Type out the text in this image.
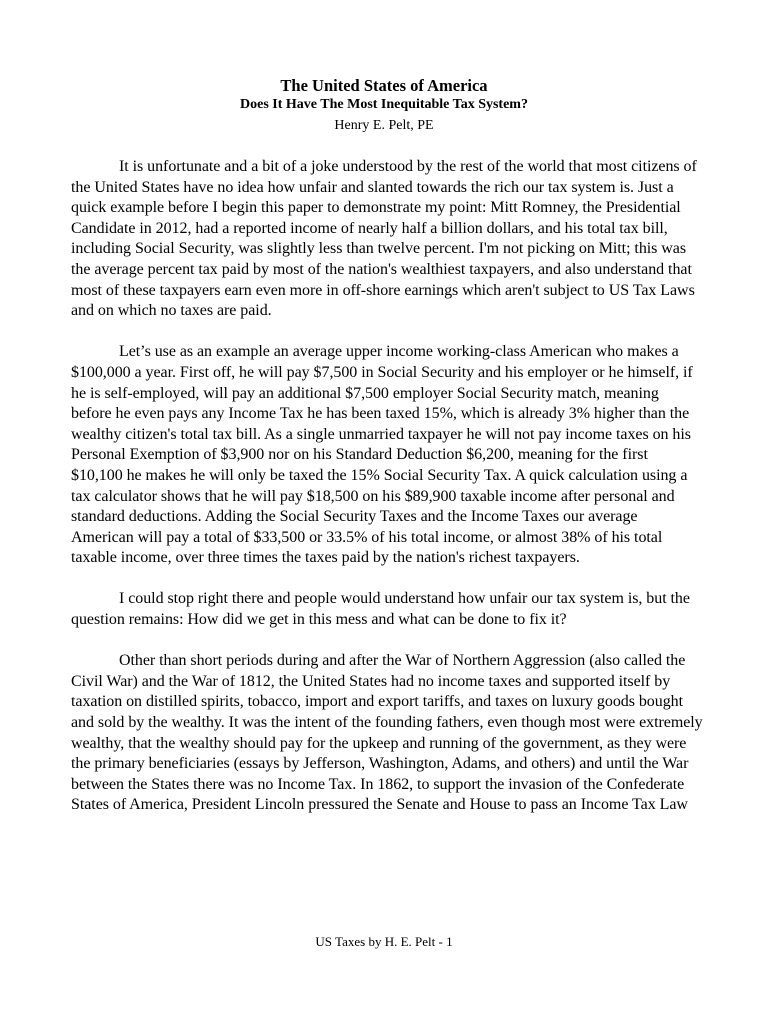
The United States of America
Does It Have The Most Inequitable Tax System?

Henry E. Pelt, PE

It is unfortunate and a bit of a joke understood by the rest of the world that most citizens of the United States have no idea how unfair and slanted towards the rich our tax system is. Just a quick example before I begin this paper to demonstrate my point: Mitt Romney, the Presidential Candidate in 2012, had a reported income of nearly half a billion dollars, and his total tax bill, including Social Security, was slightly less than twelve percent. I'm not picking on Mitt; this was the average percent tax paid by most of the nation's wealthiest taxpayers, and also understand that most of these taxpayers earn even more in off-shore earnings which aren't subject to US Tax Laws and on which no taxes are paid.

Let’s use as an example an average upper income working-class American who makes a $100,000 a year. First off, he will pay $7,500 in Social Security and his employer or he himself, if he is self-employed, will pay an additional $7,500 employer Social Security match, meaning before he even pays any Income Tax he has been taxed 15%, which is already 3% higher than the wealthy citizen's total tax bill. As a single unmarried taxpayer he will not pay income taxes on his Personal Exemption of $3,900 nor on his Standard Deduction $6,200, meaning for the first $10,100 he makes he will only be taxed the 15% Social Security Tax. A quick calculation using a tax calculator shows that he will pay $18,500 on his $89,900 taxable income after personal and standard deductions. Adding the Social Security Taxes and the Income Taxes our average American will pay a total of $33,500 or 33.5% of his total income, or almost 38% of his total taxable income, over three times the taxes paid by the nation's richest taxpayers.

I could stop right there and people would understand how unfair our tax system is, but the question remains: How did we get in this mess and what can be done to fix it?

Other than short periods during and after the War of Northern Aggression (also called the Civil War) and the War of 1812, the United States had no income taxes and supported itself by taxation on distilled spirits, tobacco, import and export tariffs, and taxes on luxury goods bought and sold by the wealthy. It was the intent of the founding fathers, even though most were extremely wealthy, that the wealthy should pay for the upkeep and running of the government, as they were the primary beneficiaries (essays by Jefferson, Washington, Adams, and others) and until the War between the States there was no Income Tax. In 1862, to support the invasion of the Confederate States of America, President Lincoln pressured the Senate and House to pass an Income Tax Law

US Taxes by H. E. Pelt - 1
